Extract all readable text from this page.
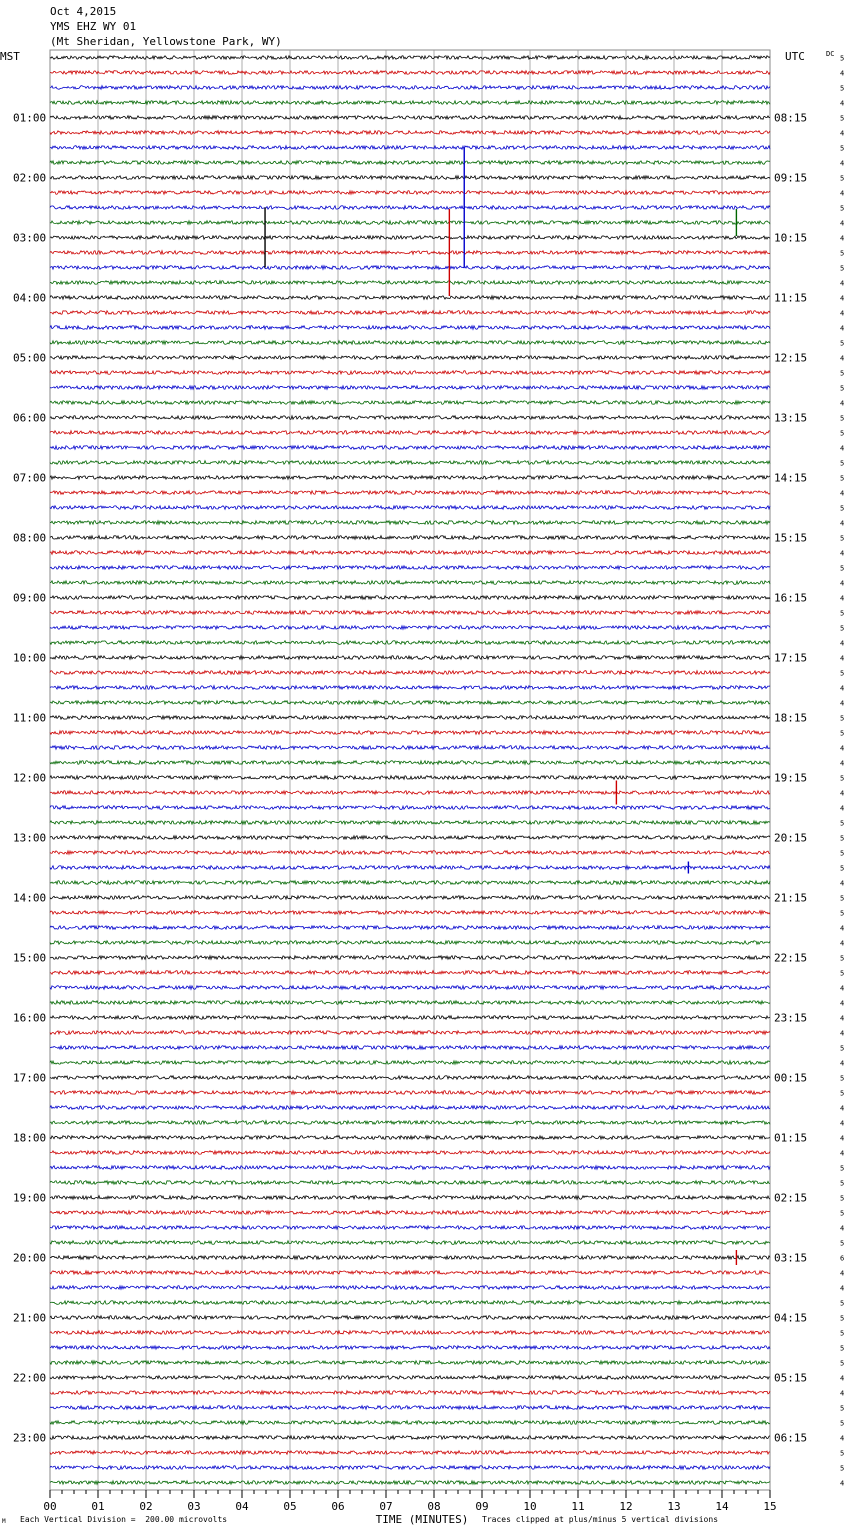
Oct 4,2015
YMS EHZ WY 01
(Mt Sheridan, Yellowstone Park, WY)
MST	UTC	DC
01:00
02:00
03:00
04:00
05:00
06:00
07:00
08:00
09:00
10:00
11:00
12:00
13:00
14:00
15:00
16:00
17:00
18:00
19:00
20:00
21:00
22:00
23:00
08:15
09:15
10:15
11:15
12:15
13:15
14:15
15:15
16:15
17:15
18:15
19:15
20:15
21:15
22:15
23:15
00:15
01:15
02:15
03:15
04:15
05:15
06:15
5
4
5
4
5
4
5
4
5
4
5
4
4
5
5
4
4
4
4
5
4
5
5
4
5
5
4
5
5
4
5
4
5
4
5
4
4
5
5
4
4
5
4
4
5
5
4
4
5
4
4
5
5
5
5
4
5
5
4
4
5
5
4
4
4
4
5
4
5
5
4
4
4
4
5
5
5
5
4
5
6
4
4
5
5
5
5
5
4
4
5
5
4
5
5
4
00	01	02	03	04	05	06	07	08	09	10	11	12	13	14	15
TIME (MINUTES)
Each Vertical Division =  200.00 microvolts	Traces clipped at plus/minus 5 vertical divisions
M
